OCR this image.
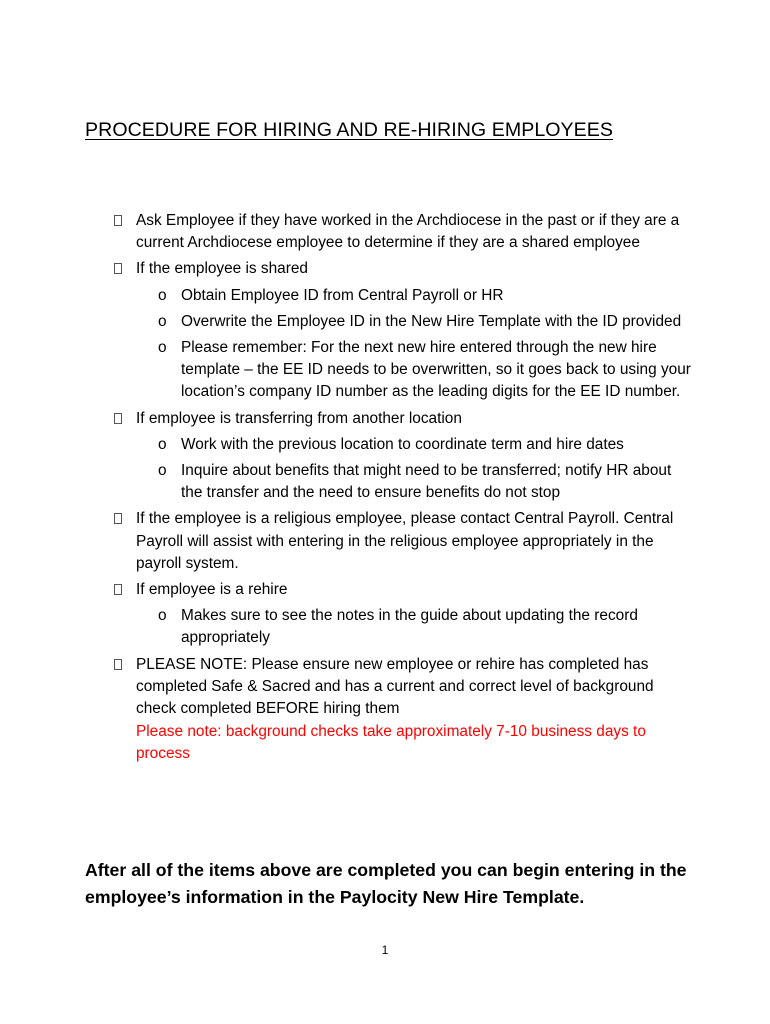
PROCEDURE FOR HIRING AND RE-HIRING EMPLOYEES
Ask Employee if they have worked in the Archdiocese in the past or if they are a current Archdiocese employee to determine if they are a shared employee
If the employee is shared
o Obtain Employee ID from Central Payroll or HR
o Overwrite the Employee ID in the New Hire Template with the ID provided
o Please remember: For the next new hire entered through the new hire template – the EE ID needs to be overwritten, so it goes back to using your location’s company ID number as the leading digits for the EE ID number.
If employee is transferring from another location
o Work with the previous location to coordinate term and hire dates
o Inquire about benefits that might need to be transferred; notify HR about the transfer and the need to ensure benefits do not stop
If the employee is a religious employee, please contact Central Payroll. Central Payroll will assist with entering in the religious employee appropriately in the payroll system.
If employee is a rehire
o Makes sure to see the notes in the guide about updating the record appropriately
PLEASE NOTE: Please ensure new employee or rehire has completed has completed Safe & Sacred and has a current and correct level of background check completed BEFORE hiring them
Please note: background checks take approximately 7-10 business days to process

After all of the items above are completed you can begin entering in the employee’s information in the Paylocity New Hire Template.

1
